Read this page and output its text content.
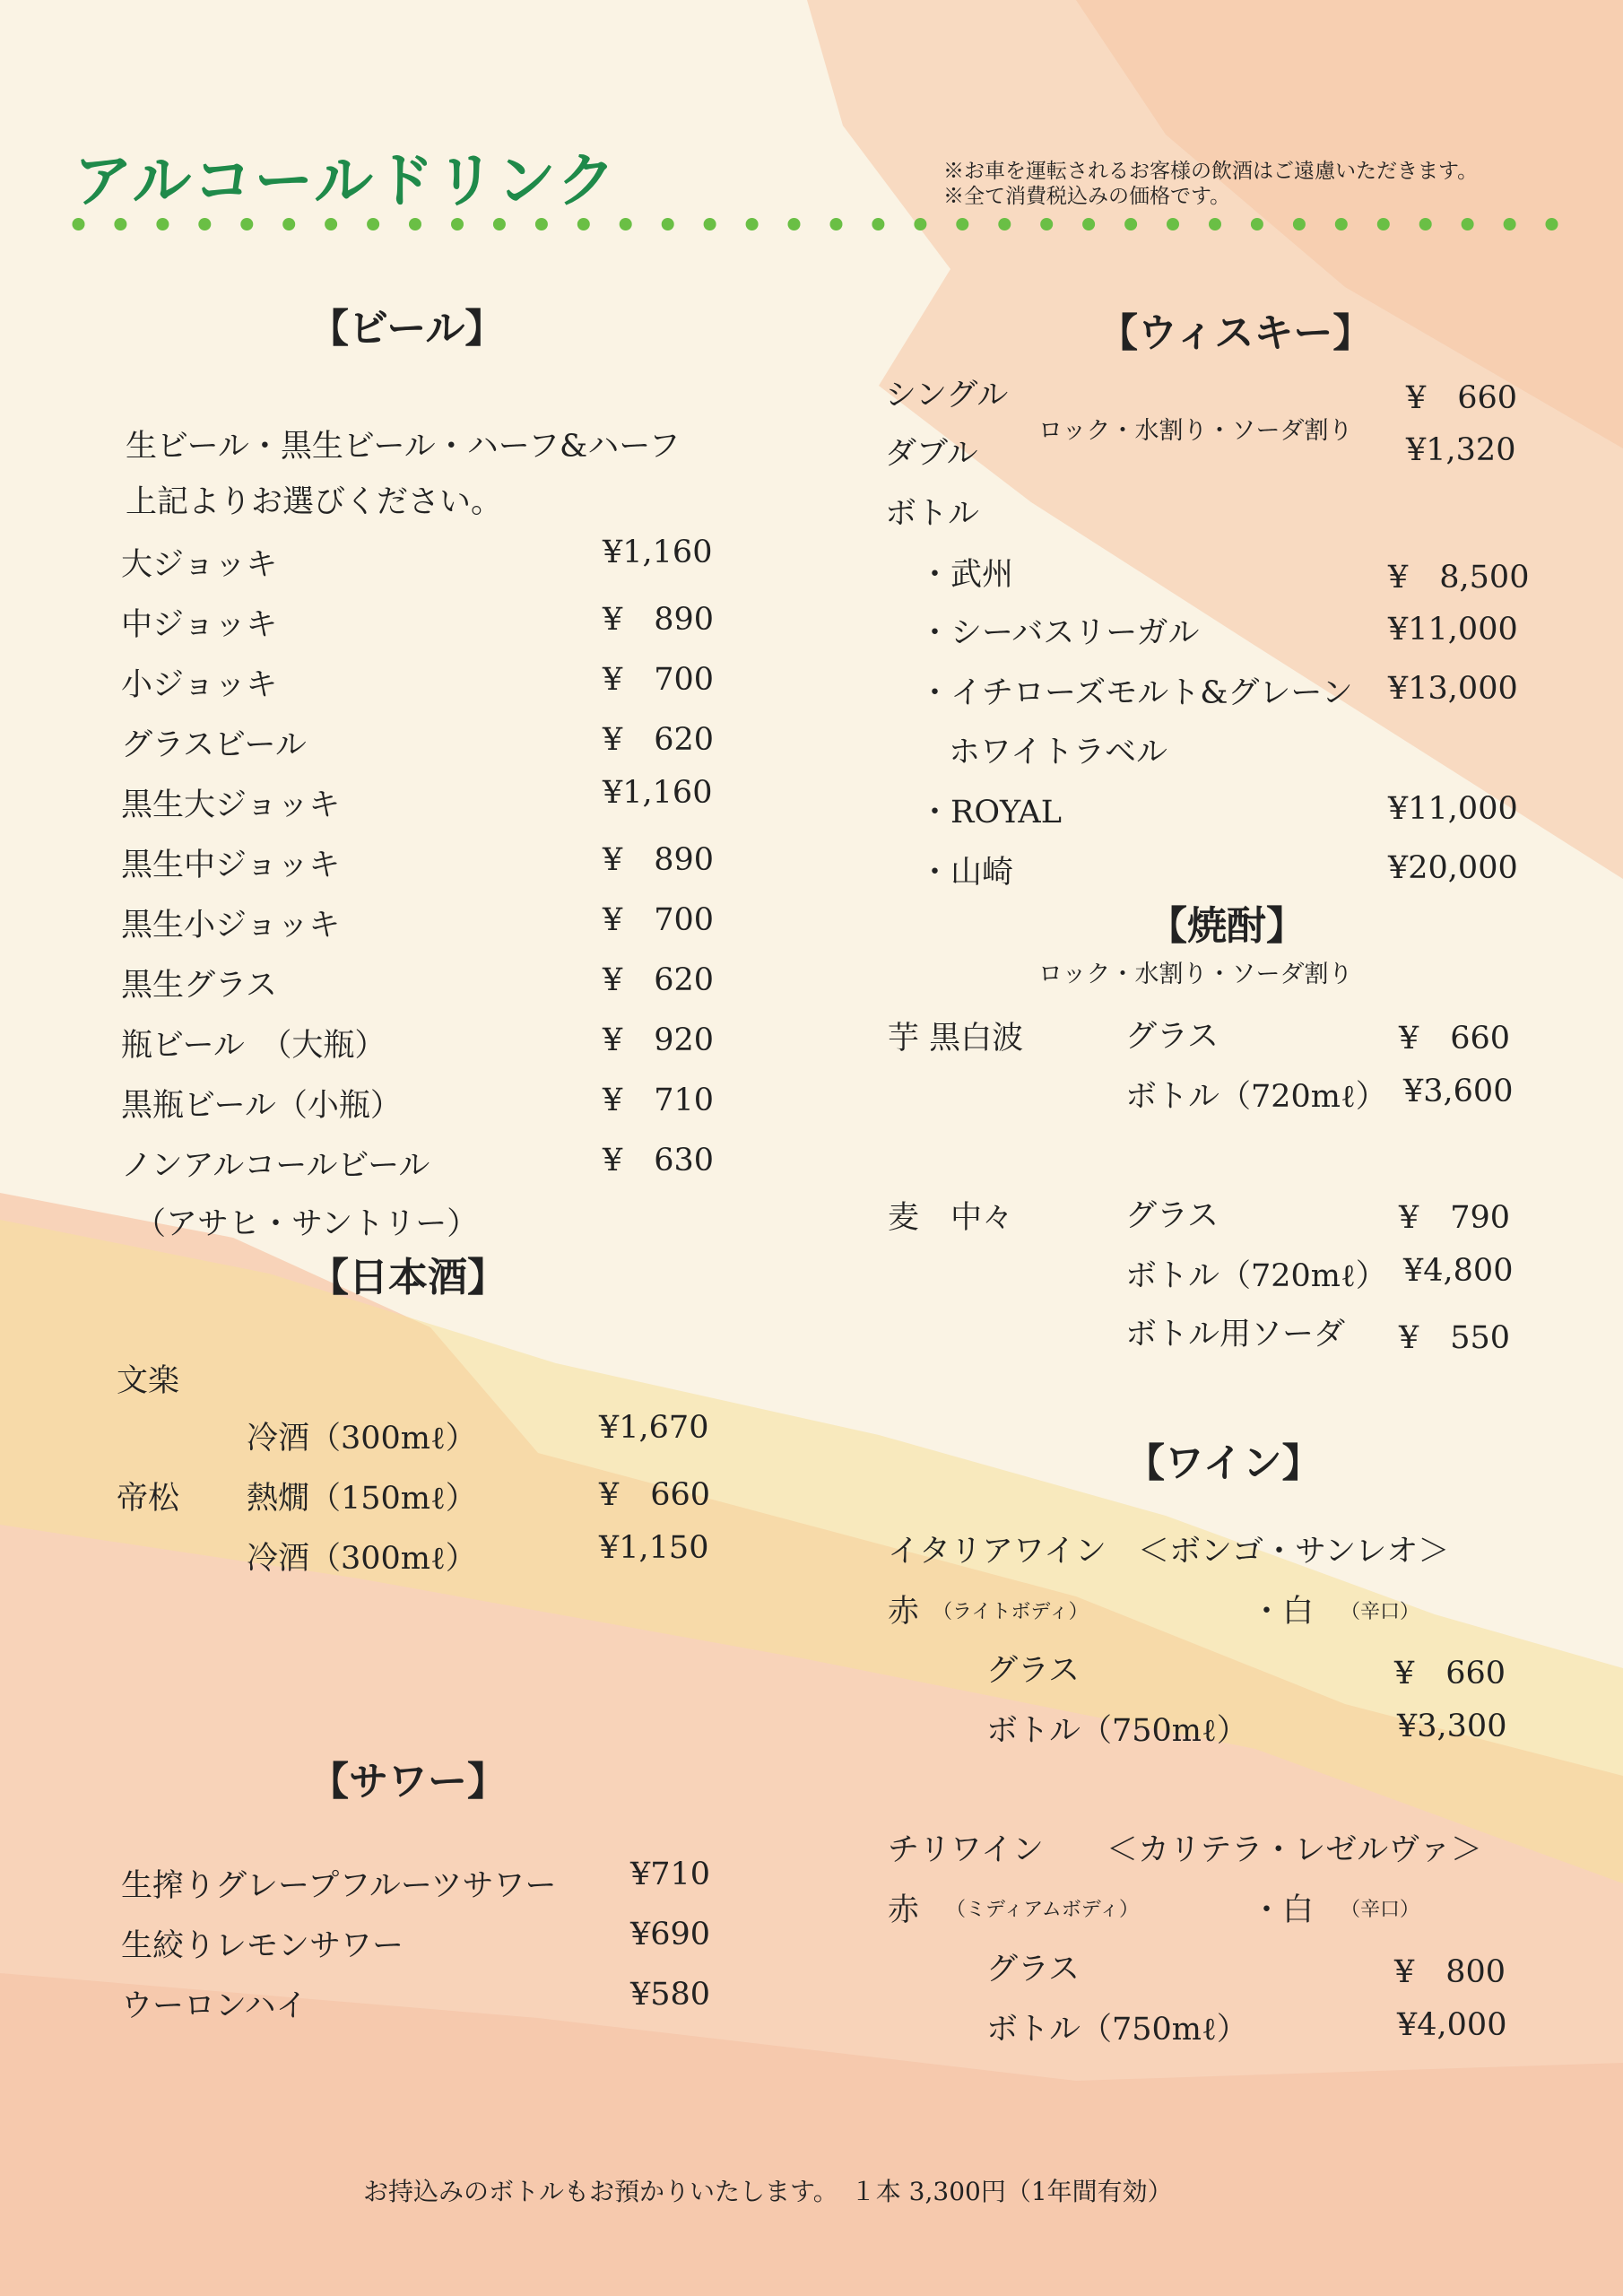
アルコールドリンク	※お車を運転されるお客様の飲酒はご遠慮いただきます。
※全て消費税込みの価格です。
【ビール】
生ビール・黒生ビール・ハーフ&ハーフ
上記よりお選びください。
大ジョッキ	¥1,160
中ジョッキ	¥　890
小ジョッキ	¥　700
グラスビール	¥　620
黒生大ジョッキ	¥1,160
黒生中ジョッキ	¥　890
黒生小ジョッキ	¥　700
黒生グラス	¥　620
瓶ビール　（大瓶）	¥　920
黒瓶ビール（小瓶）	¥　710
ノンアルコールビール	¥　630
（アサヒ・サントリー）
【日本酒】
文楽
冷酒（300mℓ）	¥1,670
帝松 熱燗（150mℓ）	¥　660
冷酒（300mℓ）	¥1,150
【サワー】
生搾りグレープフルーツサワー ¥710
生絞りレモンサワー	¥690
ウーロンハイ	¥580
【ウィスキー】
シングル	¥　660
ロック・水割り・ソーダ割り
ダブル	¥1,320
ボトル
・武州	¥　8,500
・シーバスリーガル	¥11,000
・イチローズモルト&グレーン ¥13,000
ホワイトラベル
・ROYAL	¥11,000
・山崎	¥20,000
【焼酎】
ロック・水割り・ソーダ割り
芋 黒白波	グラス	¥　660
ボトル（720mℓ） ¥3,600
麦　中々	グラス	¥　790
ボトル（720mℓ） ¥4,800
ボトル用ソーダ ¥　550
【ワイン】
イタリアワイン　＜ボンゴ・サンレオ＞
赤 （ライトボディ）	・白 （辛口）
グラス	¥　660
ボトル（750mℓ）	¥3,300
チリワイン　　＜カリテラ・レゼルヴァ＞
赤 （ミディアムボディ）	・白 （辛口）
グラス	¥　800
ボトル（750mℓ）	¥4,000
お持込みのボトルもお預かりいたします。　１本 3,300円（1年間有効）
